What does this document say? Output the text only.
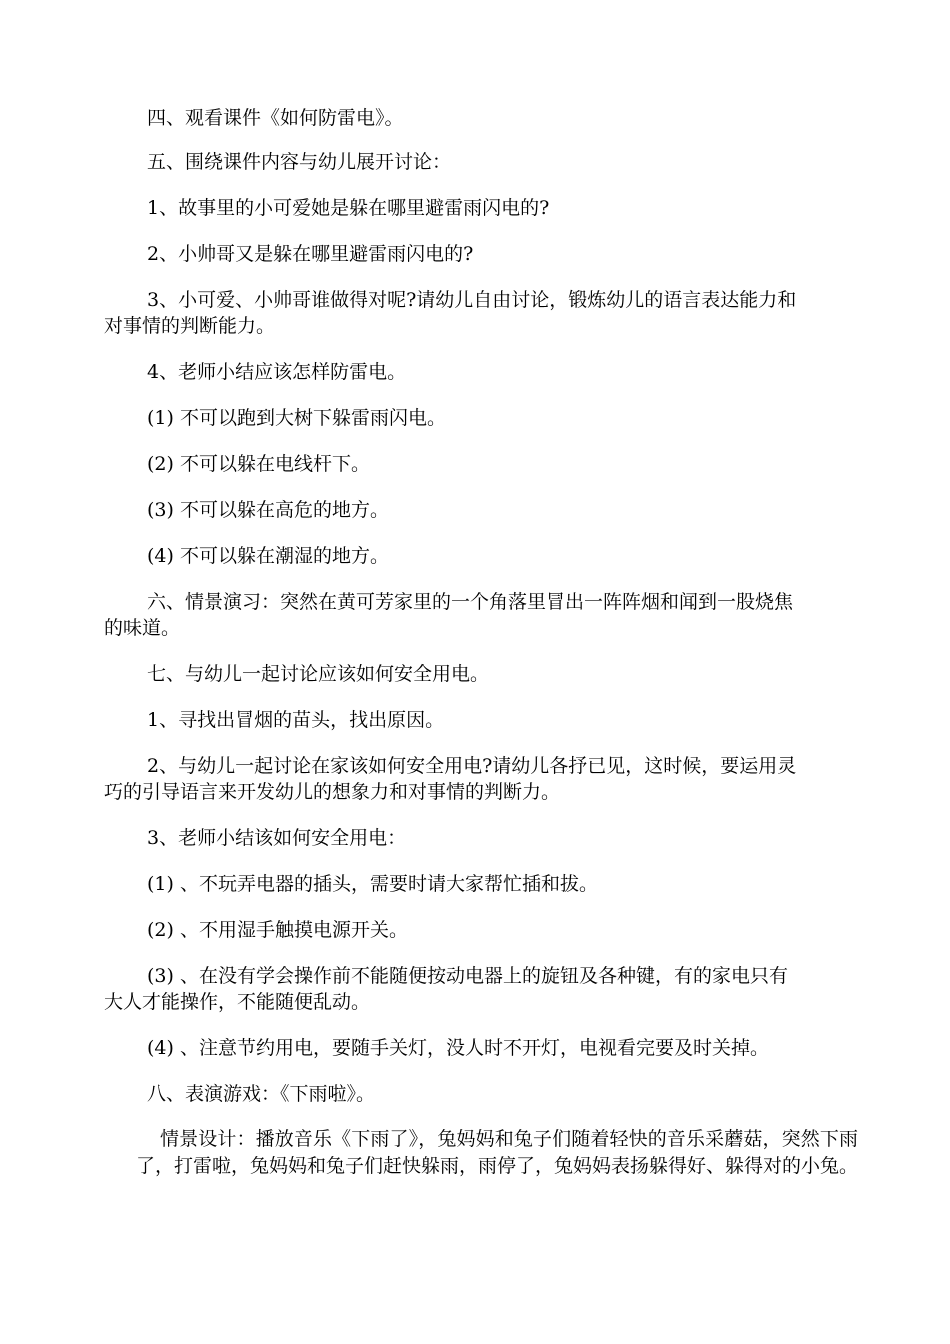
四、观看课件《如何防雷电》。
五、围绕课件内容与幼儿展开讨论：
1、故事里的小可爱她是躲在哪里避雷雨闪电的?
2、小帅哥又是躲在哪里避雷雨闪电的?
3、小可爱、小帅哥谁做得对呢?请幼儿自由讨论，锻炼幼儿的语言表达能力和
对事情的判断能力。
4、老师小结应该怎样防雷电。
(1) 不可以跑到大树下躲雷雨闪电。
(2) 不可以躲在电线杆下。
(3) 不可以躲在高危的地方。
(4) 不可以躲在潮湿的地方。
六、情景演习：突然在黄可芳家里的一个角落里冒出一阵阵烟和闻到一股烧焦
的味道。
七、与幼儿一起讨论应该如何安全用电。
1、寻找出冒烟的苗头，找出原因。
2、与幼儿一起讨论在家该如何安全用电?请幼儿各抒已见，这时候，要运用灵
巧的引导语言来开发幼儿的想象力和对事情的判断力。
3、老师小结该如何安全用电：
(1) 、不玩弄电器的插头，需要时请大家帮忙插和拔。
(2) 、不用湿手触摸电源开关。
(3) 、在没有学会操作前不能随便按动电器上的旋钮及各种键，有的家电只有
大人才能操作，不能随便乱动。
(4) 、注意节约用电，要随手关灯，没人时不开灯，电视看完要及时关掉。
八、表演游戏：《下雨啦》。
情景设计：播放音乐《下雨了》，兔妈妈和兔子们随着轻快的音乐采蘑菇，突然下雨了，打雷啦，兔妈妈和兔子们赶快躲雨，雨停了，兔妈妈表扬躲得好、躲得对的小兔。
